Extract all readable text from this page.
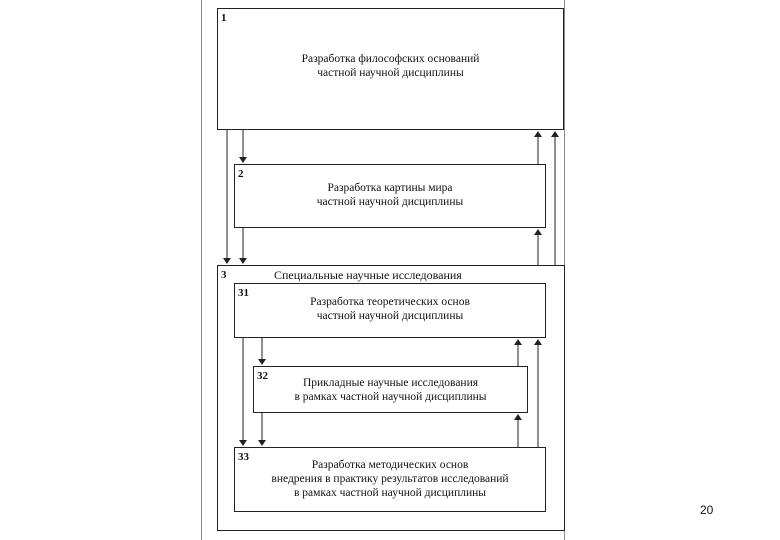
1
Разработка философских оснований
частной научной дисциплины
2
Разработка картины мира
частной научной дисциплины
3	Специальные научные исследования
31
Разработка теоретических основ
частной научной дисциплины
32
Прикладные научные исследования
в рамках частной научной дисциплины
33
Разработка методических основ
внедрения в практику результатов исследований
в рамках частной научной дисциплины
20
